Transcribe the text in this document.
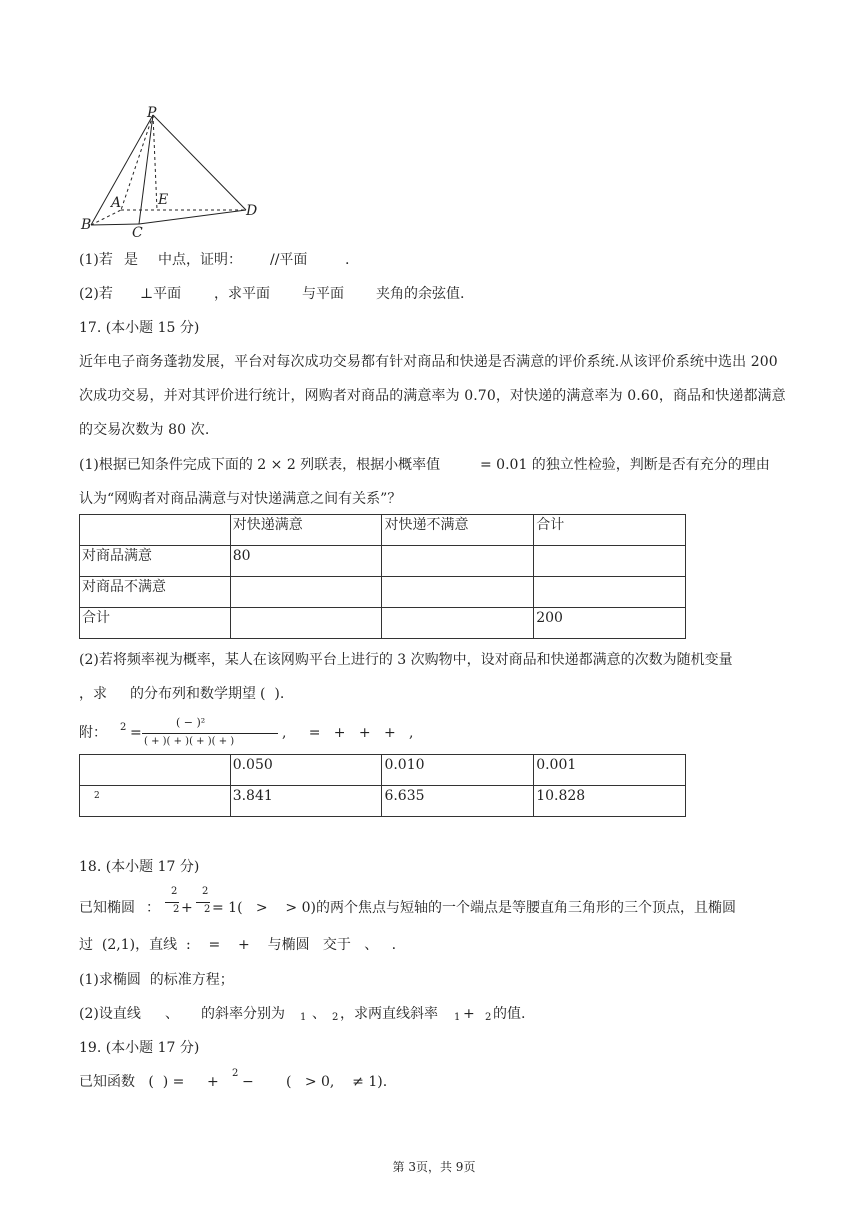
P
A	E
B	C
D
(1)若 是 中点，证明： //平面	.
(2)若 ⊥平面 ，求平面 与平面 夹角的余弦值.
17. (本小题 15 分)
近年电子商务蓬勃发展，平台对每次成功交易都有针对商品和快递是否满意的评价系统.从该评价系统中选出 200 次成功交易，并对其评价进行统计，网购者对商品的满意率为 0.70，对快递的满意率为 0.60，商品和快递都满意的交易次数为 80 次.
(1)根据已知条件完成下面的 2 × 2 列联表，根据小概率值	= 0.01 的独立性检验，判断是否有充分的理由
认为“网购者对商品满意与对快递满意之间有关系”？
	对快递满意	对快递不满意	合计
对商品满意	80		
对商品不满意			
合计			200
(2)若将频率视为概率，某人在该网购平台上进行的 3 次购物中，设对商品和快递都满意的次数为随机变量
，求 的分布列和数学期望 (  ).
附： 2 =
( − )²
( + )( + )( + )( + )
,     =   +   +   +   ,
	0.050	0.010	0.001
2	3.841	6.635	10.828
18. (本小题 17 分)
已知椭圆 ：
2
2 +
2
2 = 1(   >    > 0)的两个焦点与短轴的一个端点是等腰直角三角形的三个顶点，且椭圆
过  (2,1)，直线  :    =    +    与椭圆   交于   、   .
(1)求椭圆  的标准方程；
(2)设直线 、 的斜率分别为 1 、 2 ，求两直线斜率 1 + 2 的值.
19. (本小题 17 分)
已知函数   (  ) = +
2
− (   > 0,    ≠ 1).
第 3页，共 9页
